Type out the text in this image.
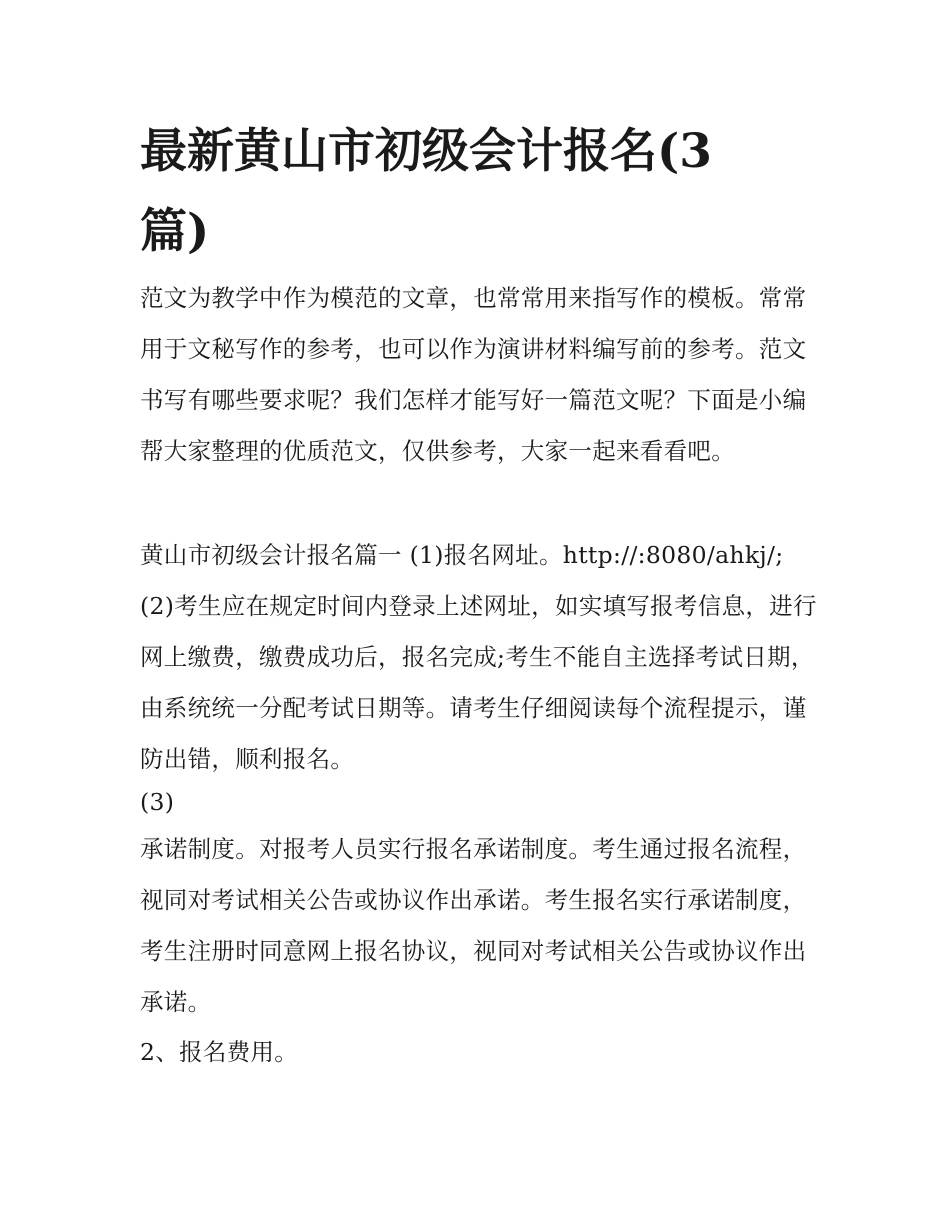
最新黄山市初级会计报名(3篇)

范文为教学中作为模范的文章，也常常用来指写作的模板。常常用于文秘写作的参考，也可以作为演讲材料编写前的参考。范文书写有哪些要求呢？我们怎样才能写好一篇范文呢？下面是小编帮大家整理的优质范文，仅供参考，大家一起来看看吧。

黄山市初级会计报名篇一 (1)报名网址。http://:8080/ahkj/;

(2)考生应在规定时间内登录上述网址，如实填写报考信息，进行网上缴费，缴费成功后，报名完成;考生不能自主选择考试日期，由系统统一分配考试日期等。请考生仔细阅读每个流程提示，谨防出错，顺利报名。

(3)

承诺制度。对报考人员实行报名承诺制度。考生通过报名流程，视同对考试相关公告或协议作出承诺。考生报名实行承诺制度，考生注册时同意网上报名协议，视同对考试相关公告或协议作出承诺。

2、报名费用。
